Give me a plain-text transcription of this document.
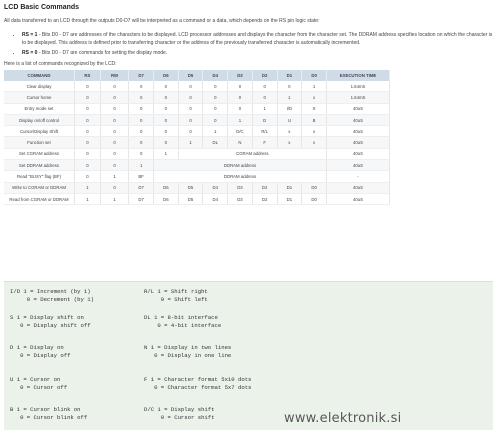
LCD Basic Commands

All data transferred to an LCD through the outputs D0-D7 will be interpreted as a command or a data, which depends on the RS pin logic state:

• RS = 1 - Bits D0 - D7 are addresses of the characters to be displayed. LCD processor addresses and displays the character from the character set. The DDRAM address specifies location on which the character is to be displayed. This address is defined prior to transferring character or the address of the previously transferred character is automatically incremented.
• RS = 0 - Bits D0 - D7 are commands for setting the display mode.
Here is a list of commands recognized by the LCD:
COMMAND	RS	RW	D7	D6	D5	D4	D3	D2	D1	D0	EXECUTION TIME
Clear display	0	0	0	0	0	0	0	0	0	1	1.64mS
Cursor home	0	0	0	0	0	0	0	0	1	x	1.64mS
Entry mode set	0	0	0	0	0	0	0	1	I/D	S	40uS
Display on/off control	0	0	0	0	0	0	1	D	U	B	40uS
Cursor/Display Shift	0	0	0	0	0	1	D/C	R/L	x	x	40uS
Function set	0	0	0	0	1	DL	N	F	x	x	40uS
Set CGRAM address	0	0	0	1	CGRAM address						40uS
Set DDRAM address	0	0	1	DDRAM address							40uS
Read "BUSY" flag (BF)	0	1	BF	DDRAM address							-
Write to CGRAM or DDRAM	1	0	D7	D6	D5	D4	D3	D2	D1	D0	40uS
Read from CGRAM or DDRAM	1	1	D7	D6	D5	D4	D3	D2	D1	D0	40uS
I/D 1 = Increment (by 1)	R/L 1 = Shift right
0 = Decrement (by 1)	0 = Shift left
S 1 = Display shift on	DL 1 = 8-bit interface
0 = Display shift off	0 = 4-bit interface
D 1 = Display on	N 1 = Display in two lines
0 = Display off	0 = Display in one line
U 1 = Cursor on	F 1 = Character format 5x10 dots
0 = Cursor off	0 = Character format 5x7 dots
B 1 = Cursor blink on	D/C 1 = Display shift
0 = Cursor blink off	0 = Cursor shift	www.elektronik.si
